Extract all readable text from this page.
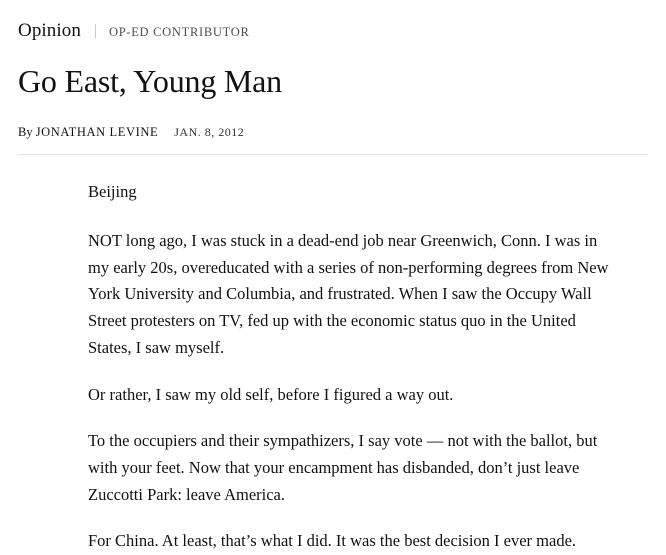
Opinion OP-ED CONTRIBUTOR
Go East, Young Man
By JONATHAN LEVINE JAN. 8, 2012

Beijing

NOT long ago, I was stuck in a dead-end job near Greenwich, Conn. I was in my early 20s, overeducated with a series of non-performing degrees from New York University and Columbia, and frustrated. When I saw the Occupy Wall Street protesters on TV, fed up with the economic status quo in the United States, I saw myself.

Or rather, I saw my old self, before I figured a way out.

To the occupiers and their sympathizers, I say vote — not with the ballot, but with your feet. Now that your encampment has disbanded, don’t just leave Zuccotti Park: leave America.

For China. At least, that’s what I did. It was the best decision I ever made.
